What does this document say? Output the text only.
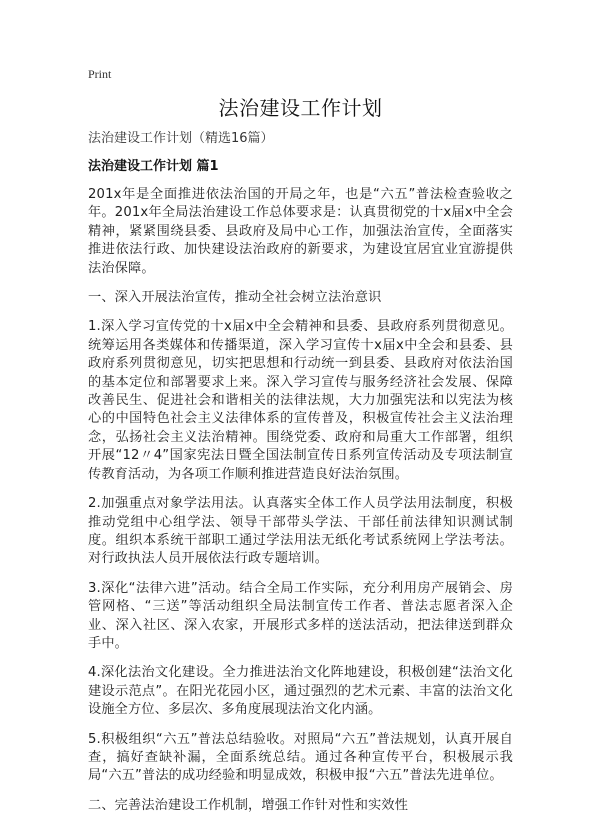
Print
法治建设工作计划
法治建设工作计划（精选16篇）
法治建设工作计划 篇1

201x年是全面推进依法治国的开局之年，也是“六五”普法检查验收之年。201x年全局法治建设工作总体要求是：认真贯彻党的十x届x中全会精神，紧紧围绕县委、县政府及局中心工作，加强法治宣传，全面落实推进依法行政、加快建设法治政府的新要求，为建设宜居宜业宜游提供法治保障。

一、深入开展法治宣传，推动全社会树立法治意识

1.深入学习宣传党的十x届x中全会精神和县委、县政府系列贯彻意见。统筹运用各类媒体和传播渠道，深入学习宣传十x届x中全会和县委、县政府系列贯彻意见，切实把思想和行动统一到县委、县政府对依法治国的基本定位和部署要求上来。深入学习宣传与服务经济社会发展、保障改善民生、促进社会和谐相关的法律法规，大力加强宪法和以宪法为核心的中国特色社会主义法律体系的宣传普及，积极宣传社会主义法治理念，弘扬社会主义法治精神。围绕党委、政府和局重大工作部署，组织开展“12〃4”国家宪法日暨全国法制宣传日系列宣传活动及专项法制宣传教育活动，为各项工作顺利推进营造良好法治氛围。

2.加强重点对象学法用法。认真落实全体工作人员学法用法制度，积极推动党组中心组学法、领导干部带头学法、干部任前法律知识测试制度。组织本系统干部职工通过学法用法无纸化考试系统网上学法考法。对行政执法人员开展依法行政专题培训。

3.深化“法律六进”活动。结合全局工作实际，充分利用房产展销会、房管网格、“三送”等活动组织全局法制宣传工作者、普法志愿者深入企业、深入社区、深入农家，开展形式多样的送法活动，把法律送到群众手中。

4.深化法治文化建设。全力推进法治文化阵地建设，积极创建“法治文化建设示范点”。在阳光花园小区，通过强烈的艺术元素、丰富的法治文化设施全方位、多层次、多角度展现法治文化内涵。

5.积极组织“六五”普法总结验收。对照局“六五”普法规划，认真开展自查，搞好查缺补漏，全面系统总结。通过各种宣传平台，积极展示我局“六五”普法的成功经验和明显成效，积极申报“六五”普法先进单位。

二、完善法治建设工作机制，增强工作针对性和实效性
